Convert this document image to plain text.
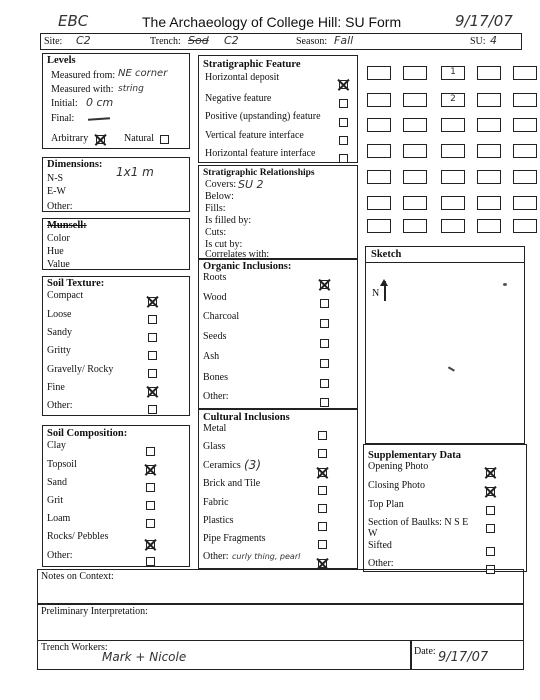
EBC	The Archaeology of College Hill: SU Form	9/17/07
Site: C2	Trench: Sod C2	Season: Fall	SU: 4
Levels
Measured from: NE corner
Measured with: string
Initial: 0 cm
Final:
Arbitrary	Natural
Dimensions:
1x1 m
N-S
E-W
Other:
Munsell:
Color
Hue
Value
Soil Texture:
Compact
Loose
Sandy
Gritty
Gravelly/ Rocky
Fine
Other:
Soil Composition:
Clay
Topsoil
Sand
Grit
Loam
Rocks/ Pebbles
Other:
Stratigraphic Feature
Horizontal deposit
Negative feature
Positive (upstanding) feature
Vertical feature interface
Horizontal feature interface
Stratigraphic Relationships
Covers: SU 2
Below:
Fills:
Is filled by:
Cuts:
Is cut by:
Correlates with:
Organic Inclusions:
Roots
Wood
Charcoal
Seeds
Ash
Bones
Other:
Cultural Inclusions
Metal
Glass
Ceramics (3)
Brick and Tile
Fabric
Plastics
Pipe Fragments
Other: curly thing, pearl
1
2
Sketch
N
Supplementary Data
Opening Photo
Closing Photo
Top Plan
Section of Baulks: N S E
W
Sifted
Other:
Notes on Context:
Preliminary Interpretation:
Trench Workers:
Mark + Nicole	Date: 9/17/07
